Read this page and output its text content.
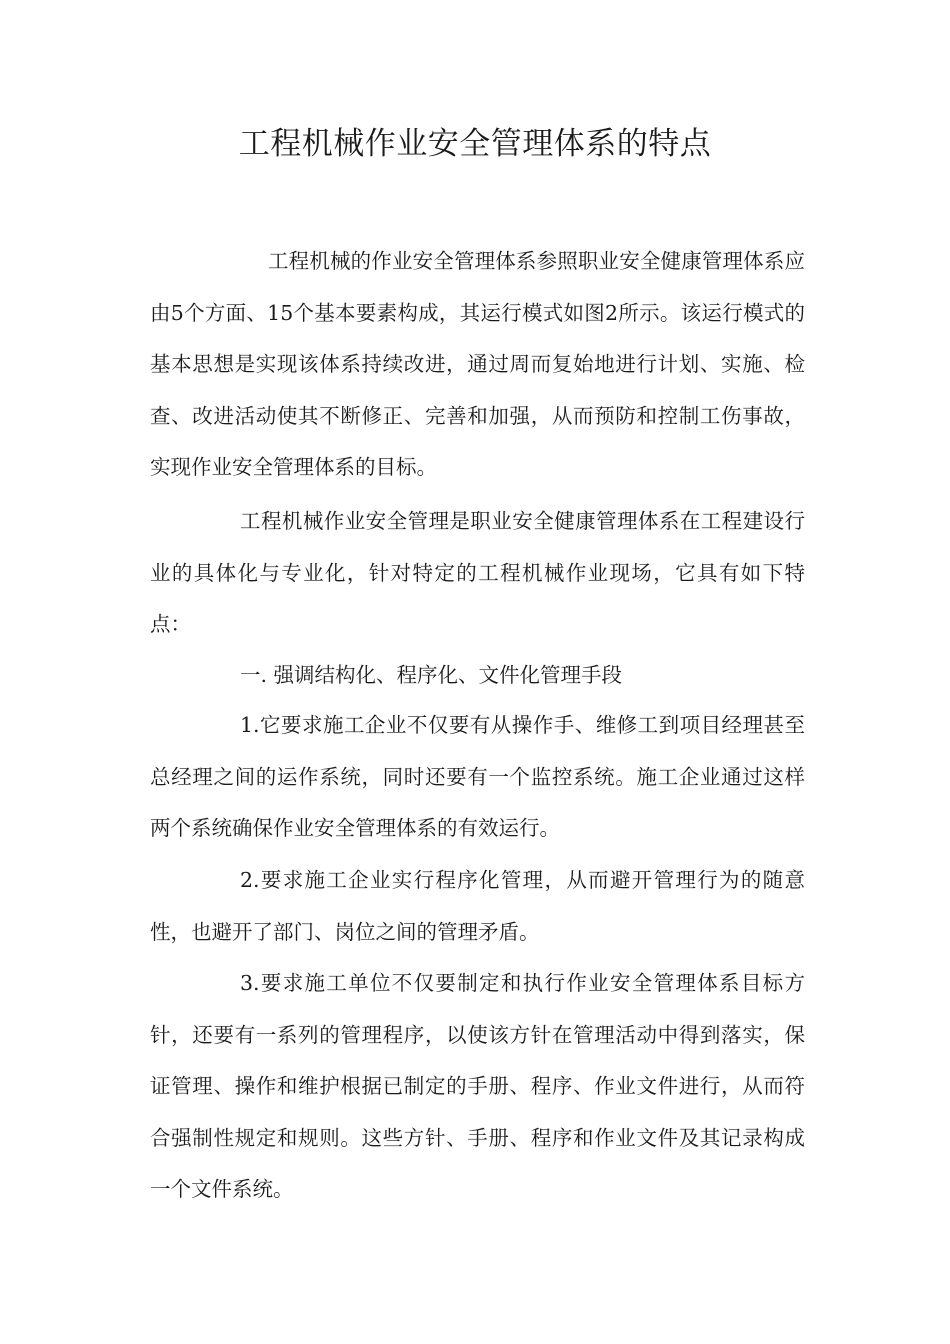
工程机械作业安全管理体系的特点

工程机械的作业安全管理体系参照职业安全健康管理体系应由5个方面、15个基本要素构成，其运行模式如图2所示。该运行模式的基本思想是实现该体系持续改进，通过周而复始地进行计划、实施、检查、改进活动使其不断修正、完善和加强，从而预防和控制工伤事故，实现作业安全管理体系的目标。

工程机械作业安全管理是职业安全健康管理体系在工程建设行业的具体化与专业化，针对特定的工程机械作业现场，它具有如下特点：

一. 强调结构化、程序化、文件化管理手段

1.它要求施工企业不仅要有从操作手、维修工到项目经理甚至总经理之间的运作系统，同时还要有一个监控系统。施工企业通过这样两个系统确保作业安全管理体系的有效运行。

2.要求施工企业实行程序化管理，从而避开管理行为的随意性，也避开了部门、岗位之间的管理矛盾。

3.要求施工单位不仅要制定和执行作业安全管理体系目标方针，还要有一系列的管理程序，以使该方针在管理活动中得到落实，保证管理、操作和维护根据已制定的手册、程序、作业文件进行，从而符合强制性规定和规则。这些方针、手册、程序和作业文件及其记录构成一个文件系统。
